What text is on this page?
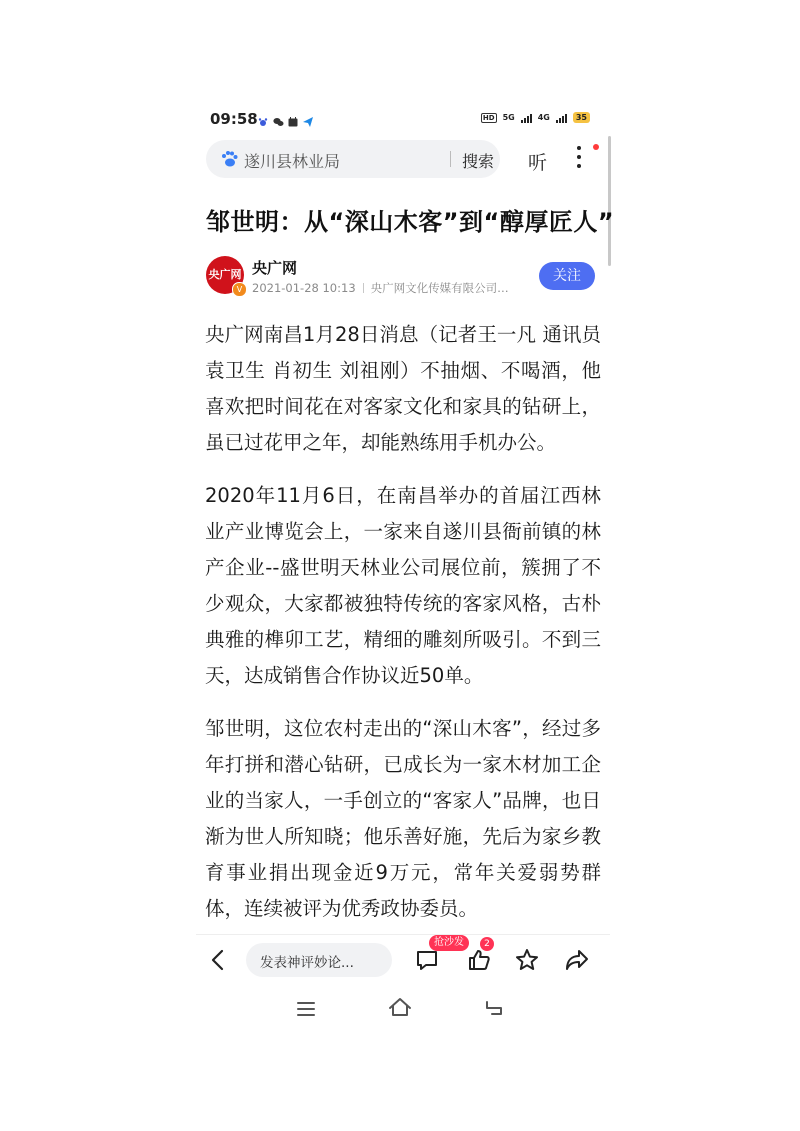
09:58	HD 5G	4G	35
遂川县林业局	搜索 听
邹世明：从“深山木客”到“醇厚匠人”
央广网
V
央广网
2021-01-28 10:13 央广网文化传媒有限公司…
关注

央广网南昌1月28日消息（记者王一凡 通讯员袁卫生 肖初生 刘祖刚）不抽烟、不喝酒，他喜欢把时间花在对客家文化和家具的钻研上，虽已过花甲之年，却能熟练用手机办公。

2020年11月6日，在南昌举办的首届江西林业产业博览会上，一家来自遂川县衙前镇的林产企业--盛世明天林业公司展位前，簇拥了不少观众，大家都被独特传统的客家风格，古朴典雅的榫卯工艺，精细的雕刻所吸引。不到三天，达成销售合作协议近50单。

邹世明，这位农村走出的“深山木客”，经过多年打拼和潜心钻研，已成长为一家木材加工企业的当家人，一手创立的“客家人”品牌，也日渐为世人所知晓；他乐善好施，先后为家乡教育事业捐出现金近9万元，常年关爱弱势群体，连续被评为优秀政协委员。

发表神评妙论...
抢沙发	2
